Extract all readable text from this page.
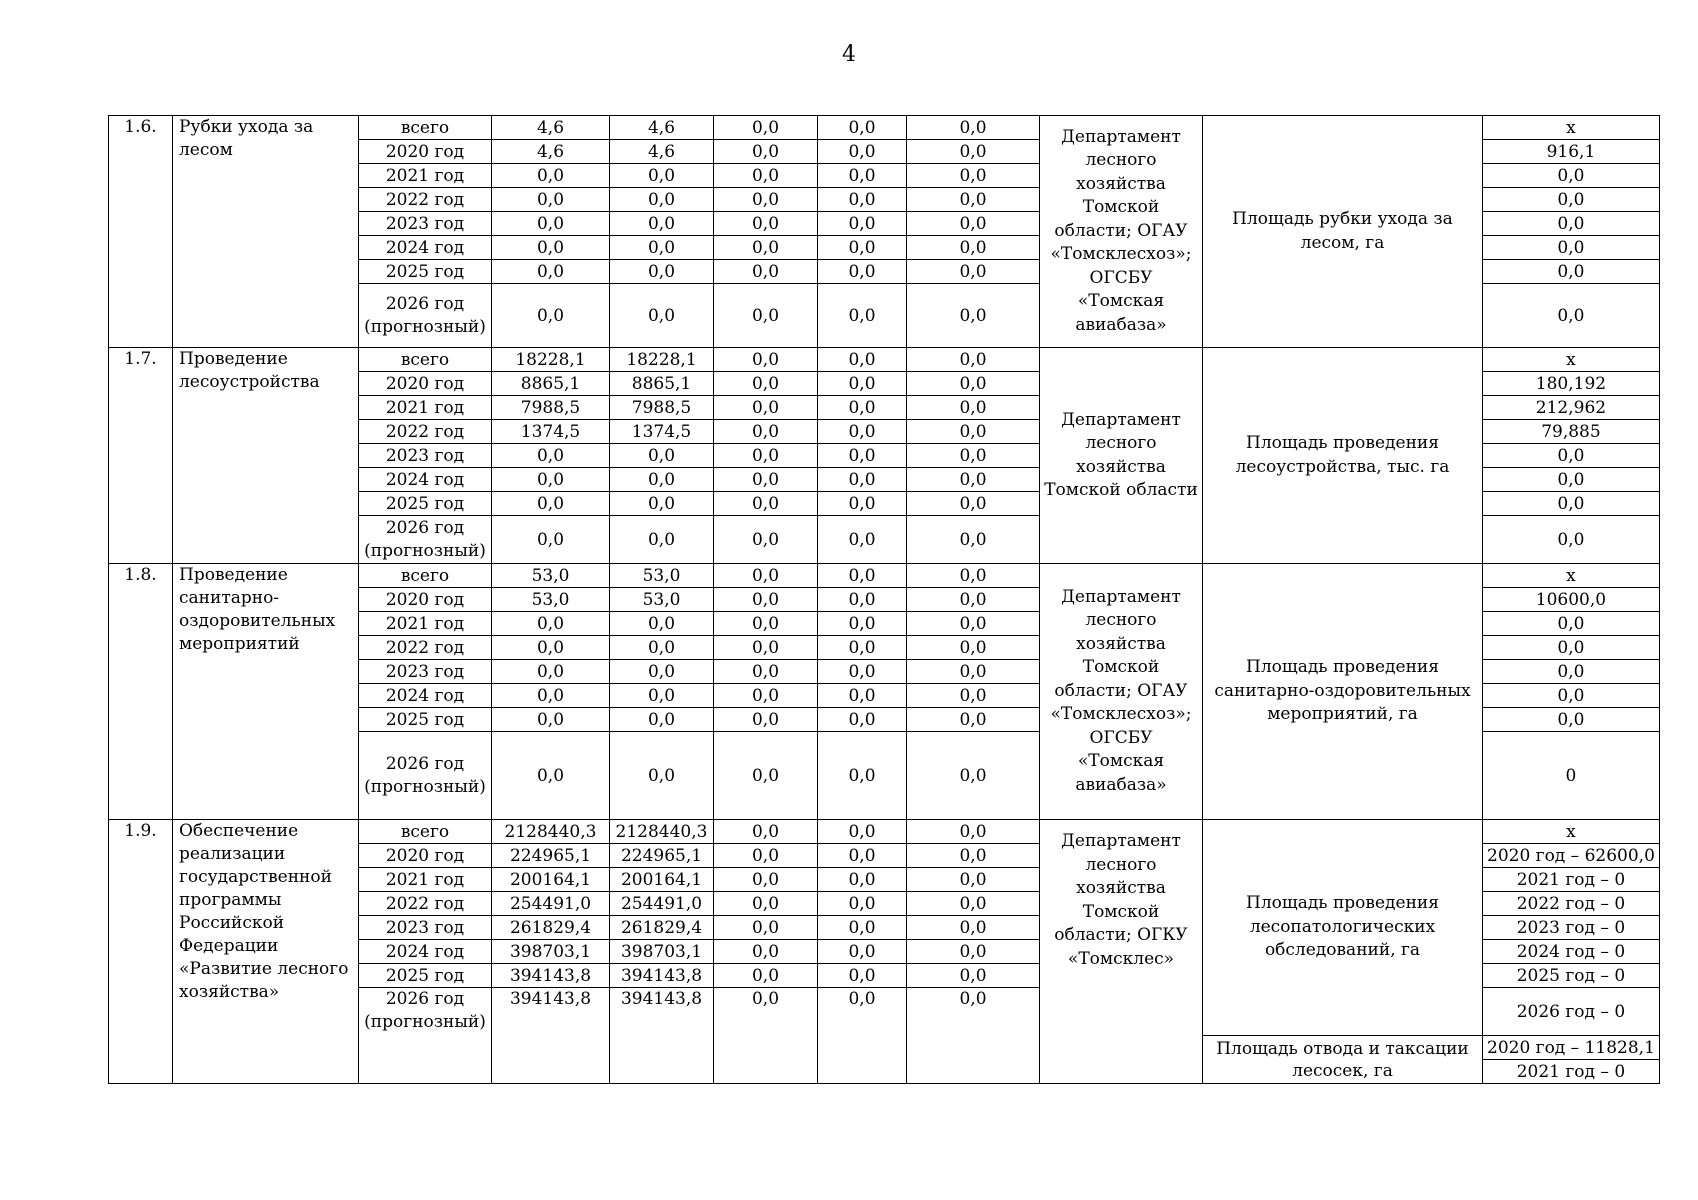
4
1.6.	Рубки ухода за лесом	всего	4,6	4,6	0,0	0,0	0,0	Департамент лесного хозяйства Томской области; ОГАУ «Томсклесхоз»; ОГСБУ «Томская авиабаза»	Площадь рубки ухода за лесом, га	х
		2020 год	4,6	4,6	0,0	0,0	0,0			916,1
		2021 год	0,0	0,0	0,0	0,0	0,0			0,0
		2022 год	0,0	0,0	0,0	0,0	0,0			0,0
		2023 год	0,0	0,0	0,0	0,0	0,0			0,0
		2024 год	0,0	0,0	0,0	0,0	0,0			0,0
		2025 год	0,0	0,0	0,0	0,0	0,0			0,0
		2026 год (прогнозный)	0,0	0,0	0,0	0,0	0,0			0,0
1.7.	Проведение лесоустройства	всего	18228,1	18228,1	0,0	0,0	0,0	Департамент лесного хозяйства Томской области	Площадь проведения лесоустройства, тыс. га	х
		2020 год	8865,1	8865,1	0,0	0,0	0,0			180,192
		2021 год	7988,5	7988,5	0,0	0,0	0,0			212,962
		2022 год	1374,5	1374,5	0,0	0,0	0,0			79,885
		2023 год	0,0	0,0	0,0	0,0	0,0			0,0
		2024 год	0,0	0,0	0,0	0,0	0,0			0,0
		2025 год	0,0	0,0	0,0	0,0	0,0			0,0
		2026 год (прогнозный)	0,0	0,0	0,0	0,0	0,0			0,0
1.8.	Проведение санитарно-оздоровительных мероприятий	всего	53,0	53,0	0,0	0,0	0,0	Департамент лесного хозяйства Томской области; ОГАУ «Томсклесхоз»; ОГСБУ «Томская авиабаза»	Площадь проведения санитарно-оздоровительных мероприятий, га	х
		2020 год	53,0	53,0	0,0	0,0	0,0			10600,0
		2021 год	0,0	0,0	0,0	0,0	0,0			0,0
		2022 год	0,0	0,0	0,0	0,0	0,0			0,0
		2023 год	0,0	0,0	0,0	0,0	0,0			0,0
		2024 год	0,0	0,0	0,0	0,0	0,0			0,0
		2025 год	0,0	0,0	0,0	0,0	0,0			0,0
		2026 год (прогнозный)	0,0	0,0	0,0	0,0	0,0			0
1.9.	Обеспечение реализации государственной программы Российской Федерации «Развитие лесного хозяйства»	всего	2128440,3	2128440,3	0,0	0,0	0,0	Департамент лесного хозяйства Томской области; ОГКУ «Томсклес»	Площадь проведения лесопатологических обследований, га	х
		2020 год	224965,1	224965,1	0,0	0,0	0,0			2020 год – 62600,0
		2021 год	200164,1	200164,1	0,0	0,0	0,0			2021 год – 0
		2022 год	254491,0	254491,0	0,0	0,0	0,0			2022 год – 0
		2023 год	261829,4	261829,4	0,0	0,0	0,0			2023 год – 0
		2024 год	398703,1	398703,1	0,0	0,0	0,0			2024 год – 0
		2025 год	394143,8	394143,8	0,0	0,0	0,0			2025 год – 0
		2026 год (прогнозный)	394143,8	394143,8	0,0	0,0	0,0			2026 год – 0
									Площадь отвода и таксации лесосек, га	2020 год – 11828,1
										2021 год – 0
